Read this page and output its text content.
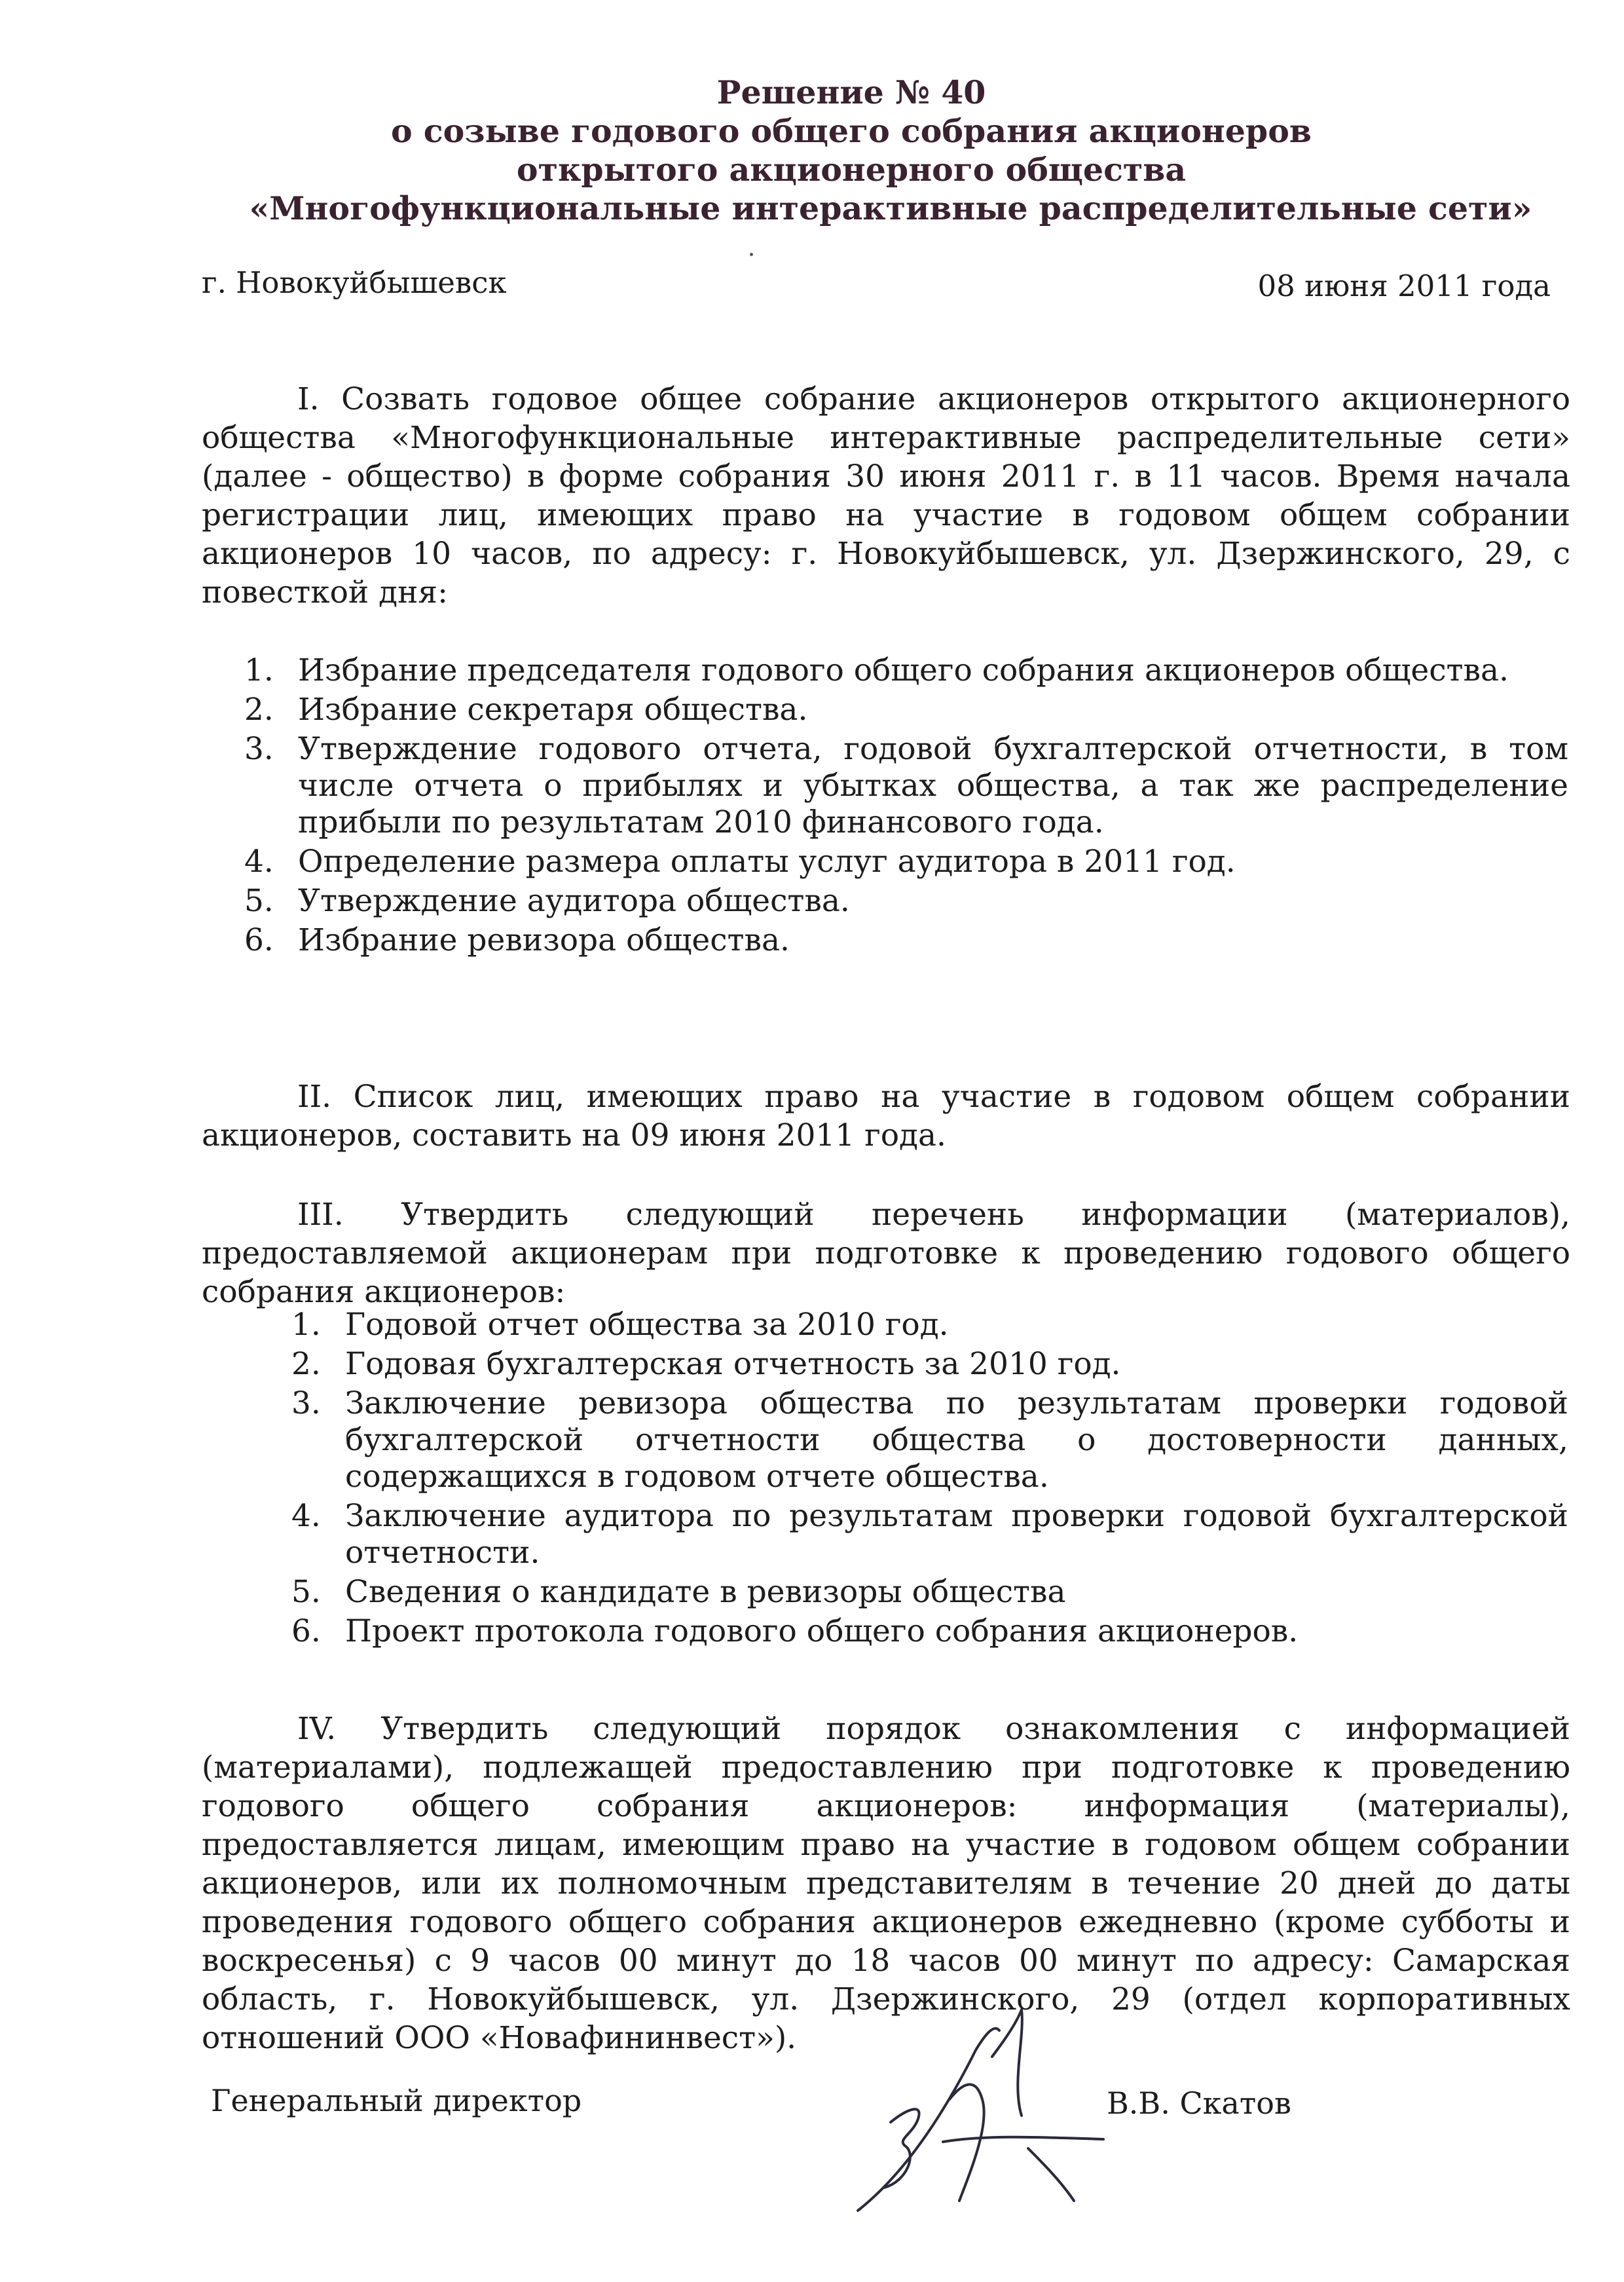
Решение № 40
о созыве годового общего собрания акционеров
открытого акционерного общества
«Многофункциональные интерактивные распределительные сети»
г. Новокуйбышевск	08 июня 2011 года
I. Созвать годовое общее собрание акционеров открытого акционерного общества «Многофункциональные интерактивные распределительные сети» (далее - общество) в форме собрания 30 июня 2011 г. в 11 часов. Время начала регистрации лиц, имеющих право на участие в годовом общем собрании акционеров 10 часов, по адресу: г. Новокуйбышевск, ул. Дзержинского, 29, с повесткой дня:
1. Избрание председателя годового общего собрания акционеров общества.
2. Избрание секретаря общества.
3. Утверждение годового отчета, годовой бухгалтерской отчетности, в том числе отчета о прибылях и убытках общества, а так же распределение прибыли по результатам 2010 финансового года.
4. Определение размера оплаты услуг аудитора в 2011 год.
5. Утверждение аудитора общества.
6. Избрание ревизора общества.
II. Список лиц, имеющих право на участие в годовом общем собрании акционеров, составить на 09 июня 2011 года.
III. Утвердить следующий перечень информации (материалов), предоставляемой акционерам при подготовке к проведению годового общего собрания акционеров:
1. Годовой отчет общества за 2010 год.
2. Годовая бухгалтерская отчетность за 2010 год.
3. Заключение ревизора общества по результатам проверки годовой бухгалтерской отчетности общества о достоверности данных, содержащихся в годовом отчете общества.
4. Заключение аудитора по результатам проверки годовой бухгалтерской отчетности.
5. Сведения о кандидате в ревизоры общества
6. Проект протокола годового общего собрания акционеров.
IV. Утвердить следующий порядок ознакомления с информацией (материалами), подлежащей предоставлению при подготовке к проведению годового общего собрания акционеров: информация (материалы), предоставляется лицам, имеющим право на участие в годовом общем собрании акционеров, или их полномочным представителям в течение 20 дней до даты проведения годового общего собрания акционеров ежедневно (кроме субботы и воскресенья) с 9 часов 00 минут до 18 часов 00 минут по адресу: Самарская область, г. Новокуйбышевск, ул. Дзержинского, 29 (отдел корпоративных отношений ООО «Новафининвест»).
Генеральный директор	В.В. Скатов
